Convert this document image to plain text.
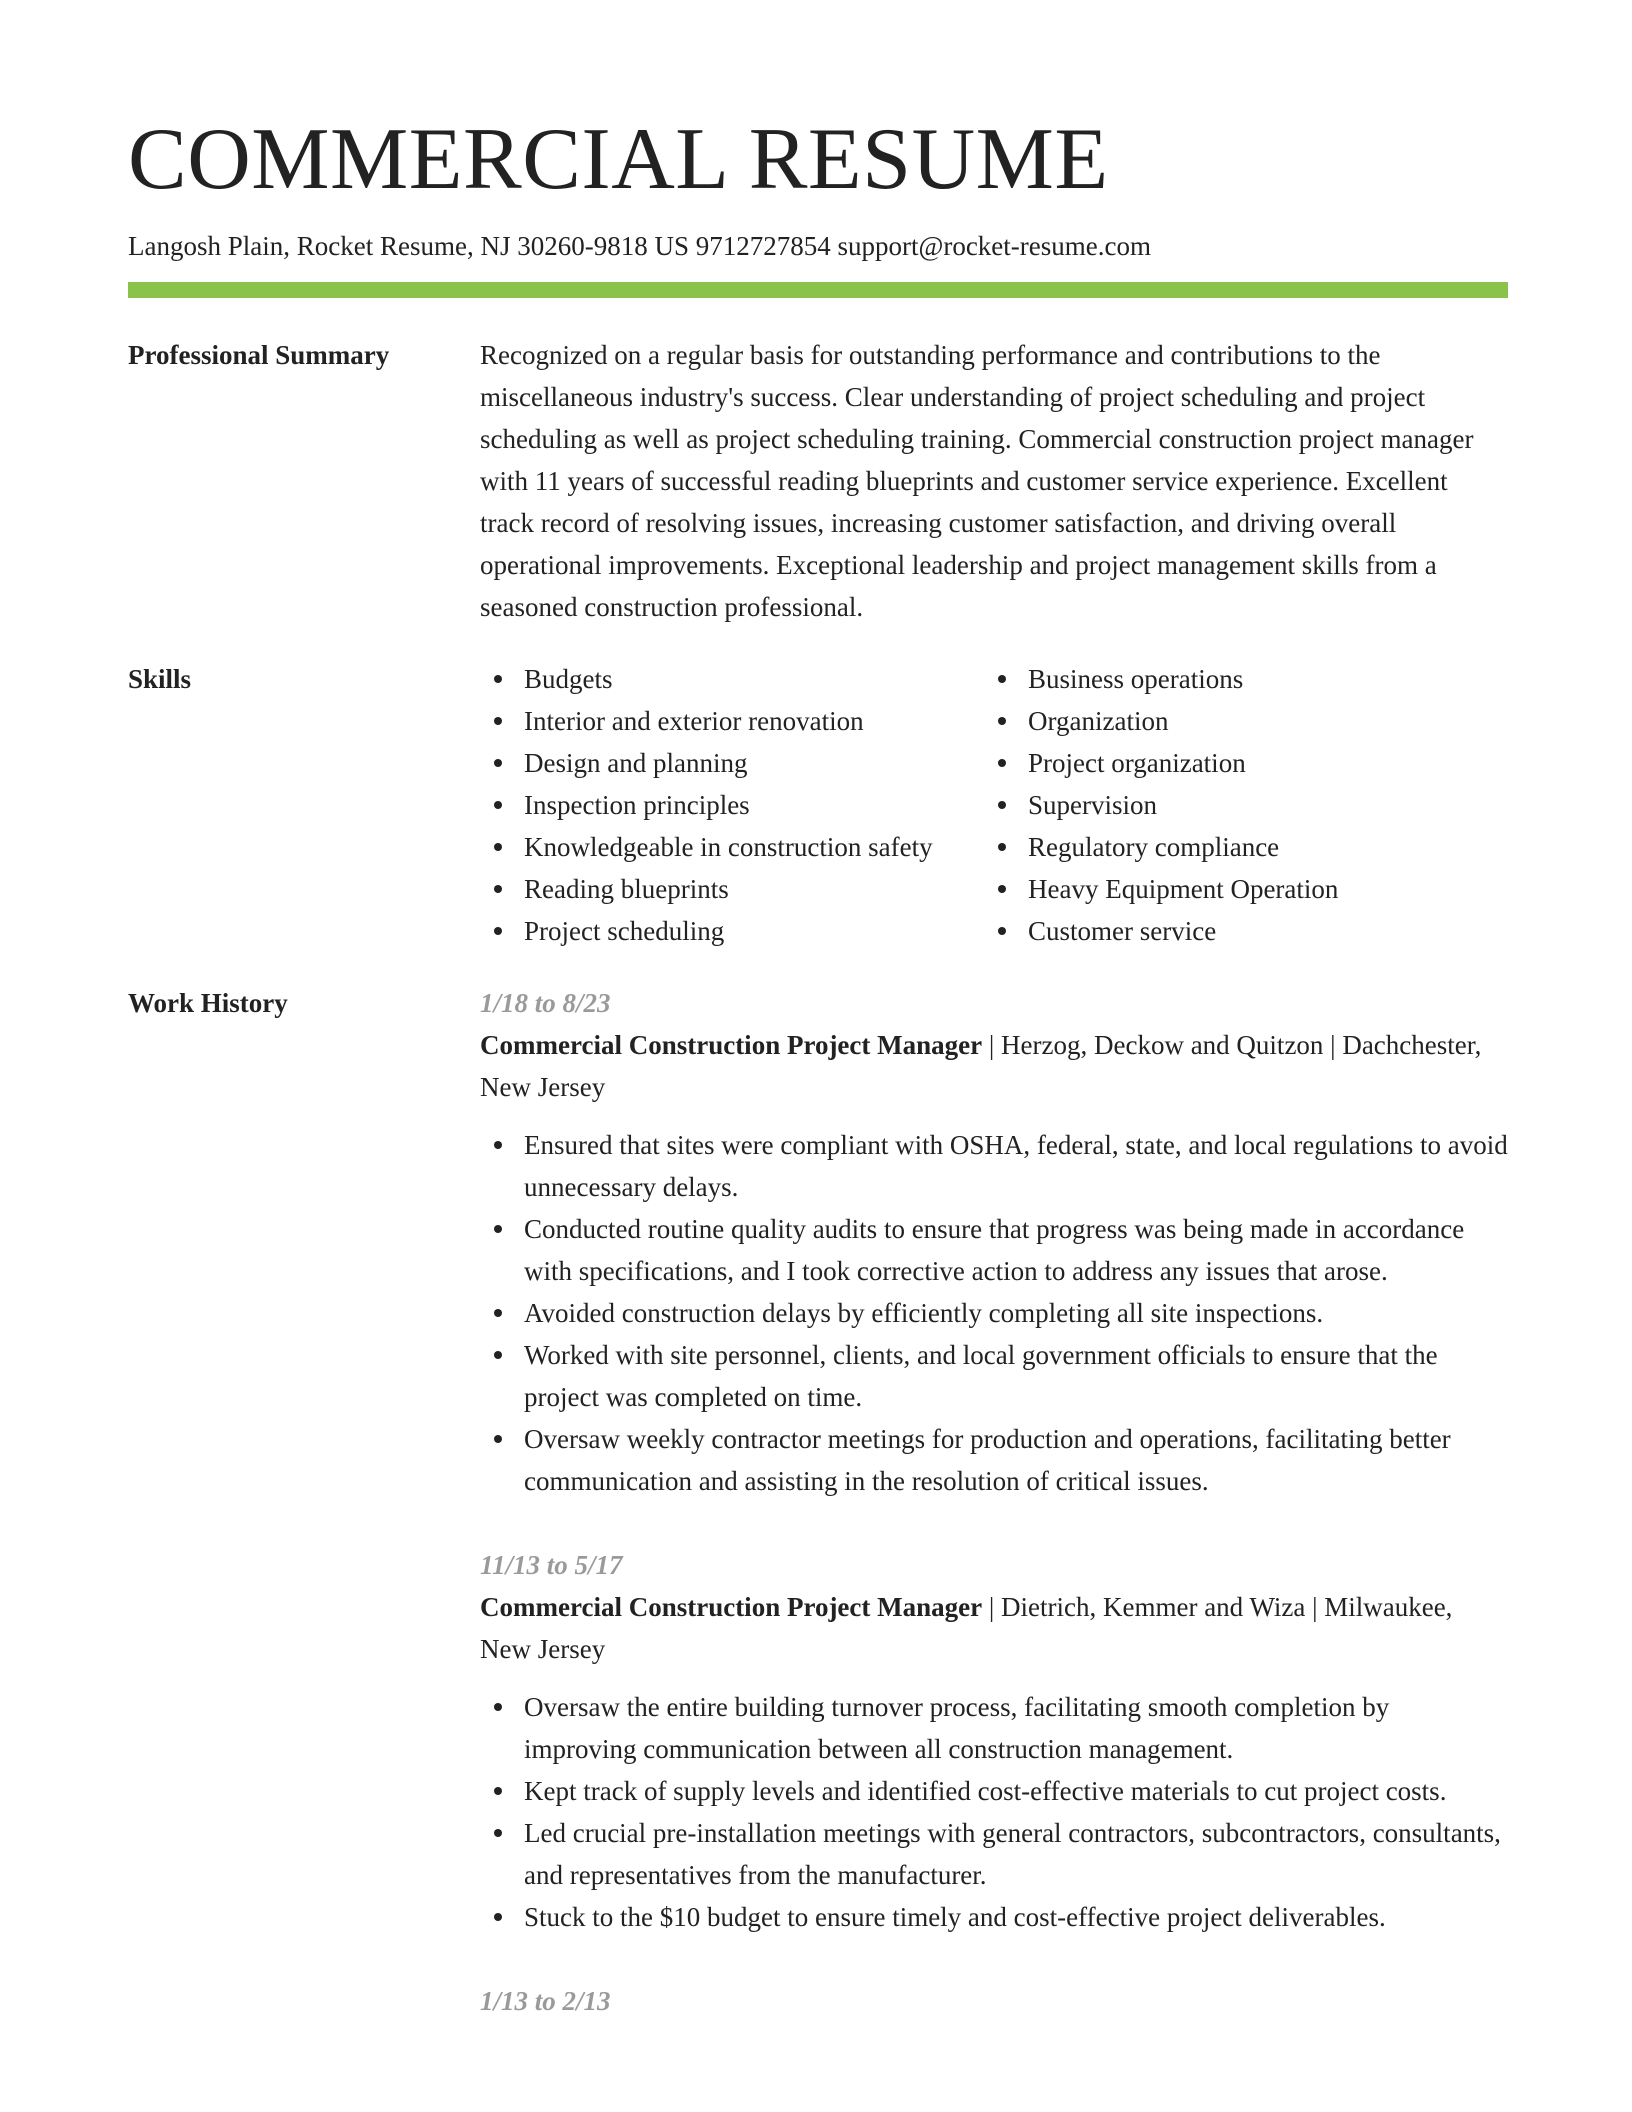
COMMERCIAL RESUME
Langosh Plain, Rocket Resume, NJ 30260-9818 US 9712727854 support@rocket-resume.com
Professional Summary	Recognized on a regular basis for outstanding performance and contributions to the miscellaneous industry's success. Clear understanding of project scheduling and project scheduling as well as project scheduling training. Commercial construction project manager with 11 years of successful reading blueprints and customer service experience. Excellent track record of resolving issues, increasing customer satisfaction, and driving overall operational improvements. Exceptional leadership and project management skills from a seasoned construction professional.

Skills	Budgets
Interior and exterior renovation
Design and planning
Inspection principles
Knowledgeable in construction safety
Reading blueprints
Project scheduling
Business operations
Organization
Project organization
Supervision
Regulatory compliance
Heavy Equipment Operation
Customer service
Work History	1/18 to 8/23
Commercial Construction Project Manager | Herzog, Deckow and Quitzon | Dachchester, New Jersey
Ensured that sites were compliant with OSHA, federal, state, and local regulations to avoid unnecessary delays.
Conducted routine quality audits to ensure that progress was being made in accordance with specifications, and I took corrective action to address any issues that arose.
Avoided construction delays by efficiently completing all site inspections.
Worked with site personnel, clients, and local government officials to ensure that the project was completed on time.
Oversaw weekly contractor meetings for production and operations, facilitating better communication and assisting in the resolution of critical issues.
11/13 to 5/17
Commercial Construction Project Manager | Dietrich, Kemmer and Wiza | Milwaukee, New Jersey
Oversaw the entire building turnover process, facilitating smooth completion by improving communication between all construction management.
Kept track of supply levels and identified cost-effective materials to cut project costs.
Led crucial pre-installation meetings with general contractors, subcontractors, consultants, and representatives from the manufacturer.
Stuck to the $10 budget to ensure timely and cost-effective project deliverables.
1/13 to 2/13
